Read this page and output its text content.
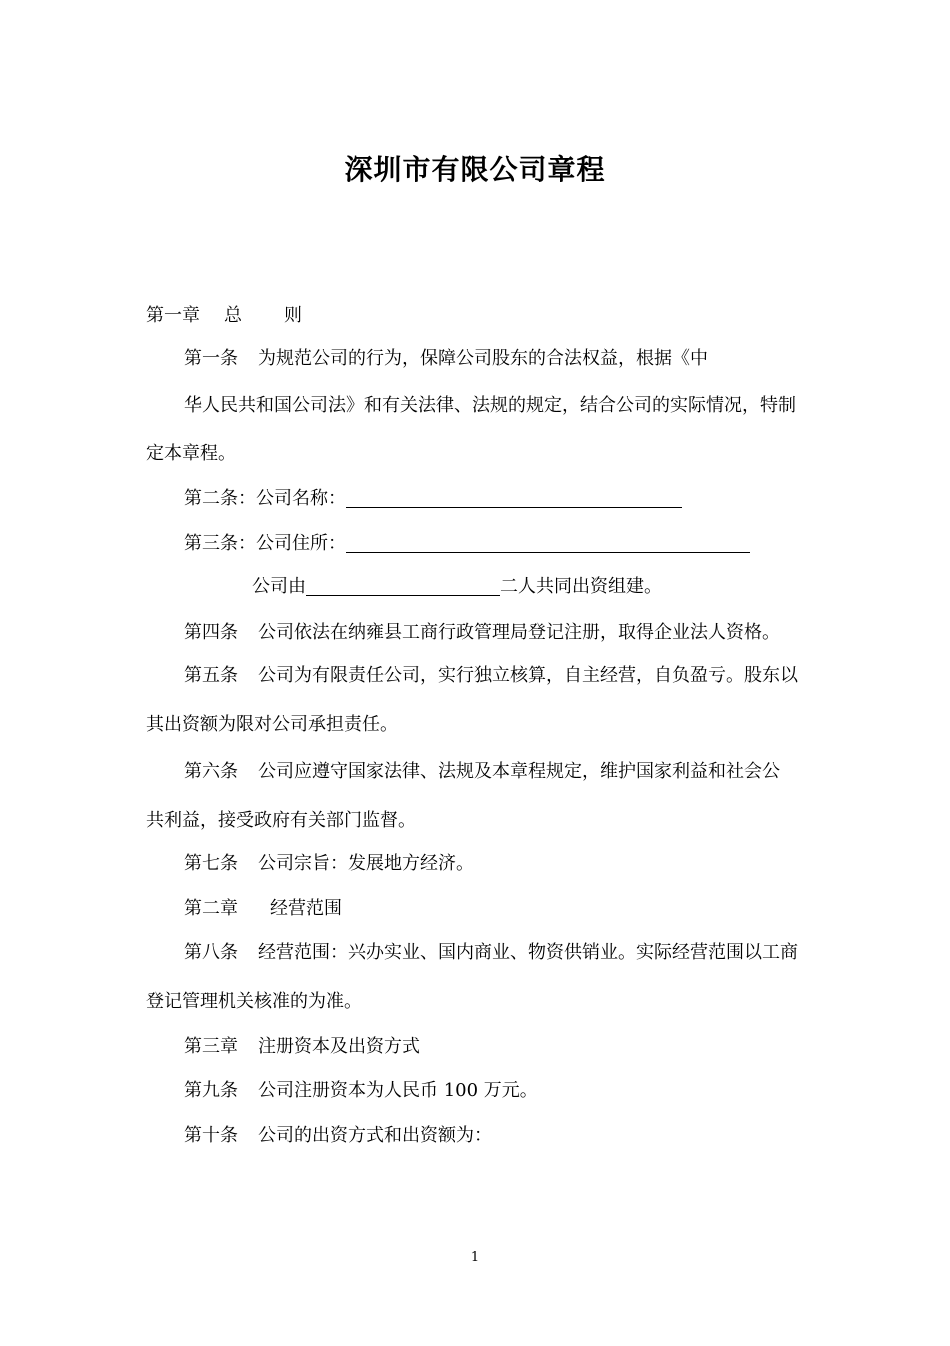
深圳市有限公司章程
第一章 总 则
第一条 为规范公司的行为，保障公司股东的合法权益，根据《中
华人民共和国公司法》和有关法律、法规的规定，结合公司的实际情况，特制
定本章程。
第二条：公司名称：
第三条：公司住所：
公司由	二人共同出资组建。
第四条 公司依法在纳雍县工商行政管理局登记注册，取得企业法人资格。
第五条 公司为有限责任公司，实行独立核算，自主经营，自负盈亏。股东以
其出资额为限对公司承担责任。
第六条 公司应遵守国家法律、法规及本章程规定，维护国家利益和社会公
共利益，接受政府有关部门监督。
第七条 公司宗旨：发展地方经济。
第二章 经营范围
第八条 经营范围：兴办实业、国内商业、物资供销业。实际经营范围以工商
登记管理机关核准的为准。
第三章 注册资本及出资方式
第九条 公司注册资本为人民币 100 万元。
第十条 公司的出资方式和出资额为：
1
